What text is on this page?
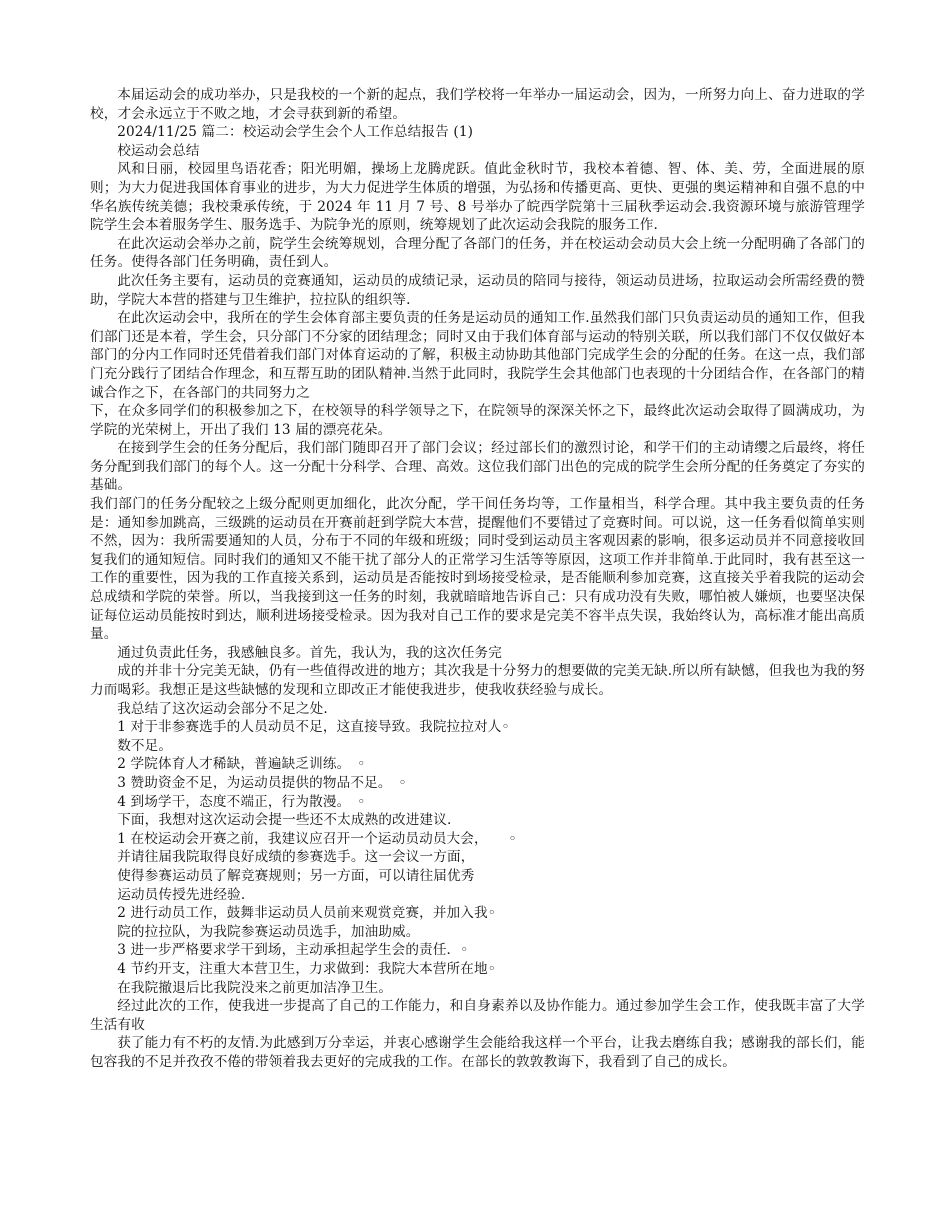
本届运动会的成功举办，只是我校的一个新的起点，我们学校将一年举办一届运动会，因为，一所努力向上、奋力进取的学校，才会永远立于不败之地，才会寻获到新的希望。

2024/11/25 篇二：校运动会学生会个人工作总结报告 (1)

校运动会总结

风和日丽，校园里鸟语花香；阳光明媚，操场上龙腾虎跃。值此金秋时节，我校本着德、智、体、美、劳，全面进展的原则；为大力促进我国体育事业的进步，为大力促进学生体质的增强，为弘扬和传播更高、更快、更强的奥运精神和自强不息的中华名族传统美德；我校秉承传统，于 2024 年 11 月 7 号、8 号举办了皖西学院第十三届秋季运动会.我资源环境与旅游管理学院学生会本着服务学生、服务选手、为院争光的原则，统筹规划了此次运动会我院的服务工作.

在此次运动会举办之前，院学生会统筹规划，合理分配了各部门的任务，并在校运动会动员大会上统一分配明确了各部门的任务。使得各部门任务明确，责任到人。

此次任务主要有，运动员的竞赛通知，运动员的成绩记录，运动员的陪同与接待，领运动员进场，拉取运动会所需经费的赞助，学院大本营的搭建与卫生维护，拉拉队的组织等.

在此次运动会中，我所在的学生会体育部主要负责的任务是运动员的通知工作.虽然我们部门只负责运动员的通知工作，但我们部门还是本着，学生会，只分部门不分家的团结理念；同时又由于我们体育部与运动的特别关联，所以我们部门不仅仅做好本部门的分内工作同时还凭借着我们部门对体育运动的了解，积极主动协助其他部门完成学生会的分配的任务。在这一点，我们部门充分践行了团结合作理念，和互帮互助的团队精神.当然于此同时，我院学生会其他部门也表现的十分团结合作，在各部门的精诚合作之下，在各部门的共同努力之

下，在众多同学们的积极参加之下，在校领导的科学领导之下，在院领导的深深关怀之下，最终此次运动会取得了圆满成功，为学院的光荣树上，开出了我们 13 届的漂亮花朵。

在接到学生会的任务分配后，我们部门随即召开了部门会议；经过部长们的激烈讨论，和学干们的主动请缨之后最终，将任务分配到我们部门的每个人。这一分配十分科学、合理、高效。这位我们部门出色的完成的院学生会所分配的任务奠定了夯实的基础。

我们部门的任务分配较之上级分配则更加细化，此次分配，学干间任务均等，工作量相当，科学合理。其中我主要负责的任务是：通知参加跳高，三级跳的运动员在开赛前赶到学院大本营，提醒他们不要错过了竞赛时间。可以说，这一任务看似简单实则不然，因为：我所需要通知的人员，分布于不同的年级和班级；同时受到运动员主客观因素的影响，很多运动员并不同意接收回复我们的通知短信。同时我们的通知又不能干扰了部分人的正常学习生活等等原因，这项工作并非简单.于此同时，我有甚至这一工作的重要性，因为我的工作直接关系到，运动员是否能按时到场接受检录，是否能顺利参加竞赛，这直接关乎着我院的运动会总成绩和学院的荣誉。所以，当我接到这一任务的时刻，我就暗暗地告诉自己：只有成功没有失败，哪怕被人嫌烦，也要坚决保证每位运动员能按时到达，顺利进场接受检录。因为我对自己工作的要求是完美不容半点失误，我始终认为，高标准才能出高质量。

通过负责此任务，我感触良多。首先，我认为，我的这次任务完

成的并非十分完美无缺，仍有一些值得改进的地方；其次我是十分努力的想要做的完美无缺.所以所有缺憾，但我也为我的努力而喝彩。我想正是这些缺憾的发现和立即改正才能使我进步，使我收获经验与成长。

我总结了这次运动会部分不足之处.

1 对于非参赛选手的人员动员不足，这直接导致。我院拉拉对人◦

数不足。

2 学院体育人才稀缺，普遍缺乏训练。　◦

3 赞助资金不足，为运动员提供的物品不足。　◦

4 到场学干，态度不端正，行为散漫。　◦

下面，我想对这次运动会提一些还不太成熟的改进建议.

1 在校运动会开赛之前，我建议应召开一个运动员动员大会，　　◦

并请往届我院取得良好成绩的参赛选手。这一会议一方面，

使得参赛运动员了解竞赛规则；另一方面，可以请往届优秀

运动员传授先进经验.

2 进行动员工作，鼓舞非运动员人员前来观赏竞赛，并加入我◦

院的拉拉队，为我院参赛运动员选手，加油助威。

3 进一步严格要求学干到场，主动承担起学生会的责任．◦

4 节约开支，注重大本营卫生，力求做到：我院大本营所在地◦

在我院撤退后比我院没来之前更加洁净卫生。

经过此次的工作，使我进一步提高了自己的工作能力，和自身素养以及协作能力。通过参加学生会工作，使我既丰富了大学生活有收

获了能力有不朽的友情.为此感到万分幸运，并衷心感谢学生会能给我这样一个平台，让我去磨练自我；感谢我的部长们，能包容我的不足并孜孜不倦的带领着我去更好的完成我的工作。在部长的敦敦教诲下，我看到了自己的成长。
